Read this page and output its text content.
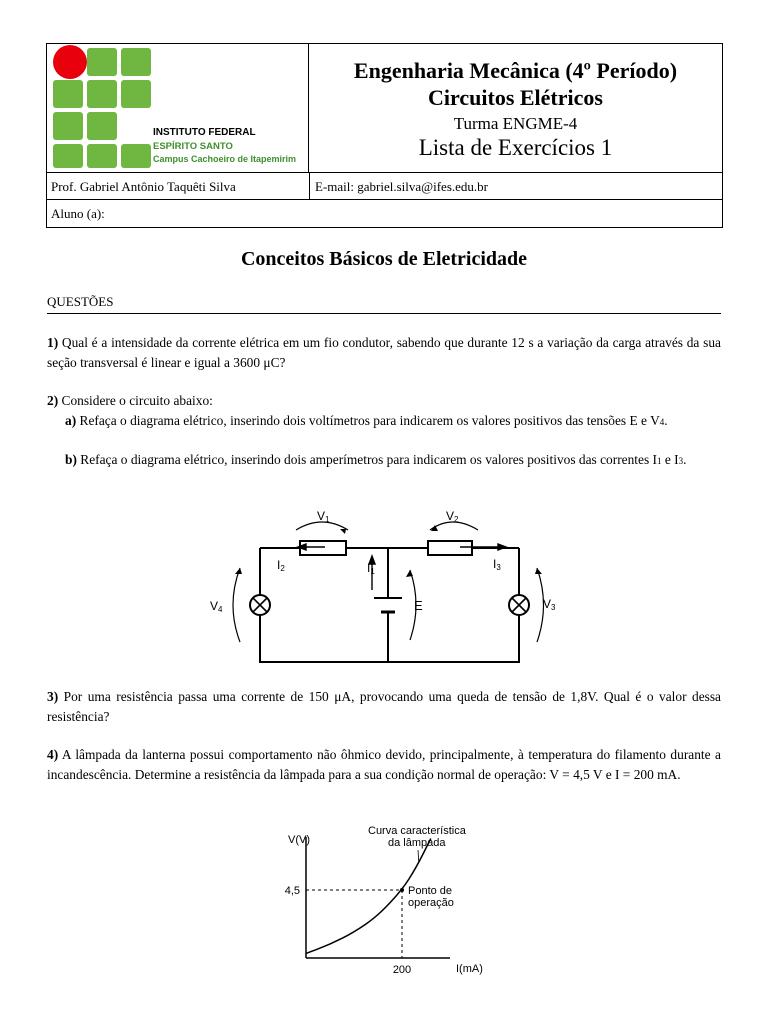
INSTITUTO FEDERAL
ESPÍRITO SANTO
Campus Cachoeiro de Itapemirim
Engenharia Mecânica (4º Período)
Circuitos Elétricos
Turma ENGME-4
Lista de Exercícios 1
Prof. Gabriel Antônio Taquêti Silva	E-mail: gabriel.silva@ifes.edu.br
Aluno (a):
Conceitos Básicos de Eletricidade
QUESTÕES
1) Qual é a intensidade da corrente elétrica em um fio condutor, sabendo que durante 12 s a variação da carga através da sua seção transversal é linear e igual a 3600 μC?
2) Considere o circuito abaixo:
a) Refaça o diagrama elétrico, inserindo dois voltímetros para indicarem os valores positivos das tensões E e V4.
b) Refaça o diagrama elétrico, inserindo dois amperímetros para indicarem os valores positivos das correntes I1 e I3.
V1	V2
I2	I1
I3
V4	V3
E
3) Por uma resistência passa uma corrente de 150 μA, provocando uma queda de tensão de 1,8V. Qual é o valor dessa resistência?
4) A lâmpada da lanterna possui comportamento não ôhmico devido, principalmente, à temperatura do filamento durante a incandescência. Determine a resistência da lâmpada para a sua condição normal de operação: V = 4,5 V e I = 200 mA.
V(V)
I(mA)
Curva característica
da lâmpada
4,5
200
Ponto de
operação
